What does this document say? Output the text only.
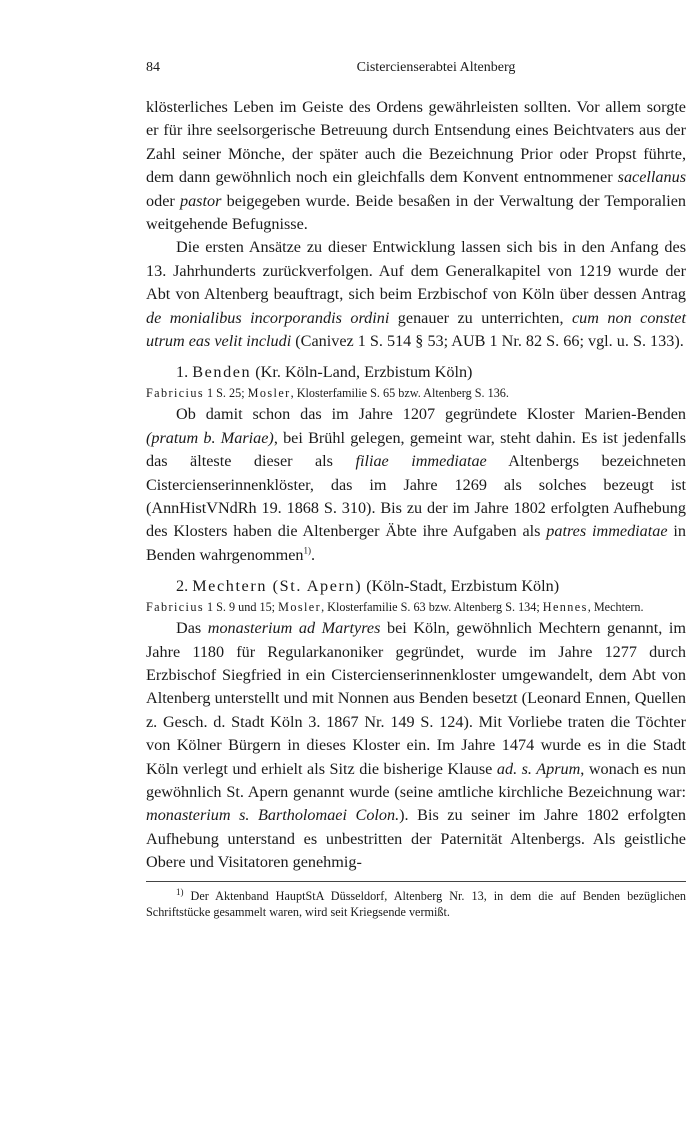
84	Cistercienserabtei Altenberg

klösterliches Leben im Geiste des Ordens gewährleisten sollten. Vor allem sorgte er für ihre seelsorgerische Betreuung durch Entsendung eines Beichtvaters aus der Zahl seiner Mönche, der später auch die Bezeichnung Prior oder Propst führte, dem dann gewöhnlich noch ein gleichfalls dem Konvent entnommener sacellanus oder pastor beigegeben wurde. Beide besaßen in der Verwaltung der Temporalien weitgehende Befugnisse.

Die ersten Ansätze zu dieser Entwicklung lassen sich bis in den Anfang des 13. Jahrhunderts zurückverfolgen. Auf dem Generalkapitel von 1219 wurde der Abt von Altenberg beauftragt, sich beim Erzbischof von Köln über dessen Antrag de monialibus incorporandis ordini genauer zu unterrichten, cum non constet utrum eas velit includi (Canivez 1 S. 514 § 53; AUB 1 Nr. 82 S. 66; vgl. u. S. 133).

1. Benden (Kr. Köln-Land, Erzbistum Köln)
Fabricius 1 S. 25; Mosler, Klosterfamilie S. 65 bzw. Altenberg S. 136.

Ob damit schon das im Jahre 1207 gegründete Kloster Marien-Benden (pratum b. Mariae), bei Brühl gelegen, gemeint war, steht dahin. Es ist jedenfalls das älteste dieser als filiae immediatae Altenbergs bezeichneten Cistercienserinnenklöster, das im Jahre 1269 als solches bezeugt ist (AnnHistVNdRh 19. 1868 S. 310). Bis zu der im Jahre 1802 erfolgten Aufhebung des Klosters haben die Altenberger Äbte ihre Aufgaben als patres immediatae in Benden wahrgenommen$^{1)}$.

2. Mechtern (St. Apern) (Köln-Stadt, Erzbistum Köln)
Fabricius 1 S. 9 und 15; Mosler, Klosterfamilie S. 63 bzw. Altenberg S. 134; Hennes, Mechtern.

Das monasterium ad Martyres bei Köln, gewöhnlich Mechtern genannt, im Jahre 1180 für Regularkanoniker gegründet, wurde im Jahre 1277 durch Erzbischof Siegfried in ein Cistercienserinnenkloster umgewandelt, dem Abt von Altenberg unterstellt und mit Nonnen aus Benden besetzt (Leonard Ennen, Quellen z. Gesch. d. Stadt Köln 3. 1867 Nr. 149 S. 124). Mit Vorliebe traten die Töchter von Kölner Bürgern in dieses Kloster ein. Im Jahre 1474 wurde es in die Stadt Köln verlegt und erhielt als Sitz die bisherige Klause ad. s. Aprum, wonach es nun gewöhnlich St. Apern genannt wurde (seine amtliche kirchliche Bezeichnung war: monasterium s. Bartholomaei Colon.). Bis zu seiner im Jahre 1802 erfolgten Aufhebung unterstand es unbestritten der Paternität Altenbergs. Als geistliche Obere und Visitatoren genehmig-

$^{1)}$ Der Aktenband HauptStA Düsseldorf, Altenberg Nr. 13, in dem die auf Benden bezüglichen Schriftstücke gesammelt waren, wird seit Kriegsende vermißt.
